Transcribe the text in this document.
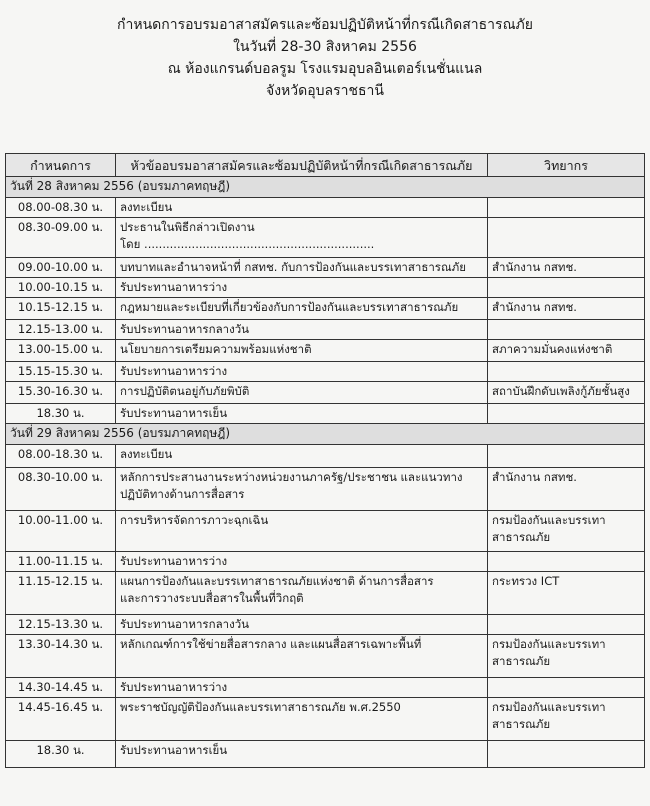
กำหนดการอบรมอาสาสมัครและซ้อมปฏิบัติหน้าที่กรณีเกิดสาธารณภัย
ในวันที่ 28-30 สิงหาคม 2556
ณ ห้องแกรนด์บอลรูม โรงแรมอุบลอินเตอร์เนชั่นแนล
จังหวัดอุบลราชธานี
กำหนดการ	หัวข้ออบรมอาสาสมัครและซ้อมปฏิบัติหน้าที่กรณีเกิดสาธารณภัย	วิทยากร
วันที่ 28 สิงหาคม 2556 (อบรมภาคทฤษฎี)		
08.00-08.30 น.	ลงทะเบียน	
08.30-09.00 น.	ประธานในพิธีกล่าวเปิดงาน
โดย ...............................................................	

09.00-10.00 น.	บทบาทและอำนาจหน้าที่ กสทช. กับการป้องกันและบรรเทาสาธารณภัย	สำนักงาน กสทช.
10.00-10.15 น.	รับประทานอาหารว่าง	
10.15-12.15 น.	กฎหมายและระเบียบที่เกี่ยวข้องกับการป้องกันและบรรเทาสาธารณภัย	สำนักงาน กสทช.
12.15-13.00 น.	รับประทานอาหารกลางวัน	
13.00-15.00 น.	นโยบายการเตรียมความพร้อมแห่งชาติ	สภาความมั่นคงแห่งชาติ
15.15-15.30 น.	รับประทานอาหารว่าง	
15.30-16.30 น.	การปฏิบัติตนอยู่กับภัยพิบัติ	สถาบันฝึกดับเพลิงกู้ภัยชั้นสูง
18.30 น.	รับประทานอาหารเย็น	
วันที่ 29 สิงหาคม 2556 (อบรมภาคทฤษฎี)		
08.00-18.30 น.	ลงทะเบียน	
08.30-10.00 น.	หลักการประสานงานระหว่างหน่วยงานภาครัฐ/ประชาชน และแนวทาง
ปฏิบัติทางด้านการสื่อสาร	สำนักงาน กสทช.
10.00-11.00 น.	การบริหารจัดการภาวะฉุกเฉิน	กรมป้องกันและบรรเทา
สาธารณภัย

11.00-11.15 น.	รับประทานอาหารว่าง	
11.15-12.15 น.	แผนการป้องกันและบรรเทาสาธารณภัยแห่งชาติ ด้านการสื่อสาร
และการวางระบบสื่อสารในพื้นที่วิกฤติ	กระทรวง ICT
12.15-13.30 น.	รับประทานอาหารกลางวัน	
13.30-14.30 น.	หลักเกณฑ์การใช้ข่ายสื่อสารกลาง และแผนสื่อสารเฉพาะพื้นที่	กรมป้องกันและบรรเทา
สาธารณภัย

14.30-14.45 น.	รับประทานอาหารว่าง	
14.45-16.45 น.	พระราชบัญญัติป้องกันและบรรเทาสาธารณภัย พ.ศ.2550	กรมป้องกันและบรรเทา
สาธารณภัย

18.30 น.	รับประทานอาหารเย็น	
